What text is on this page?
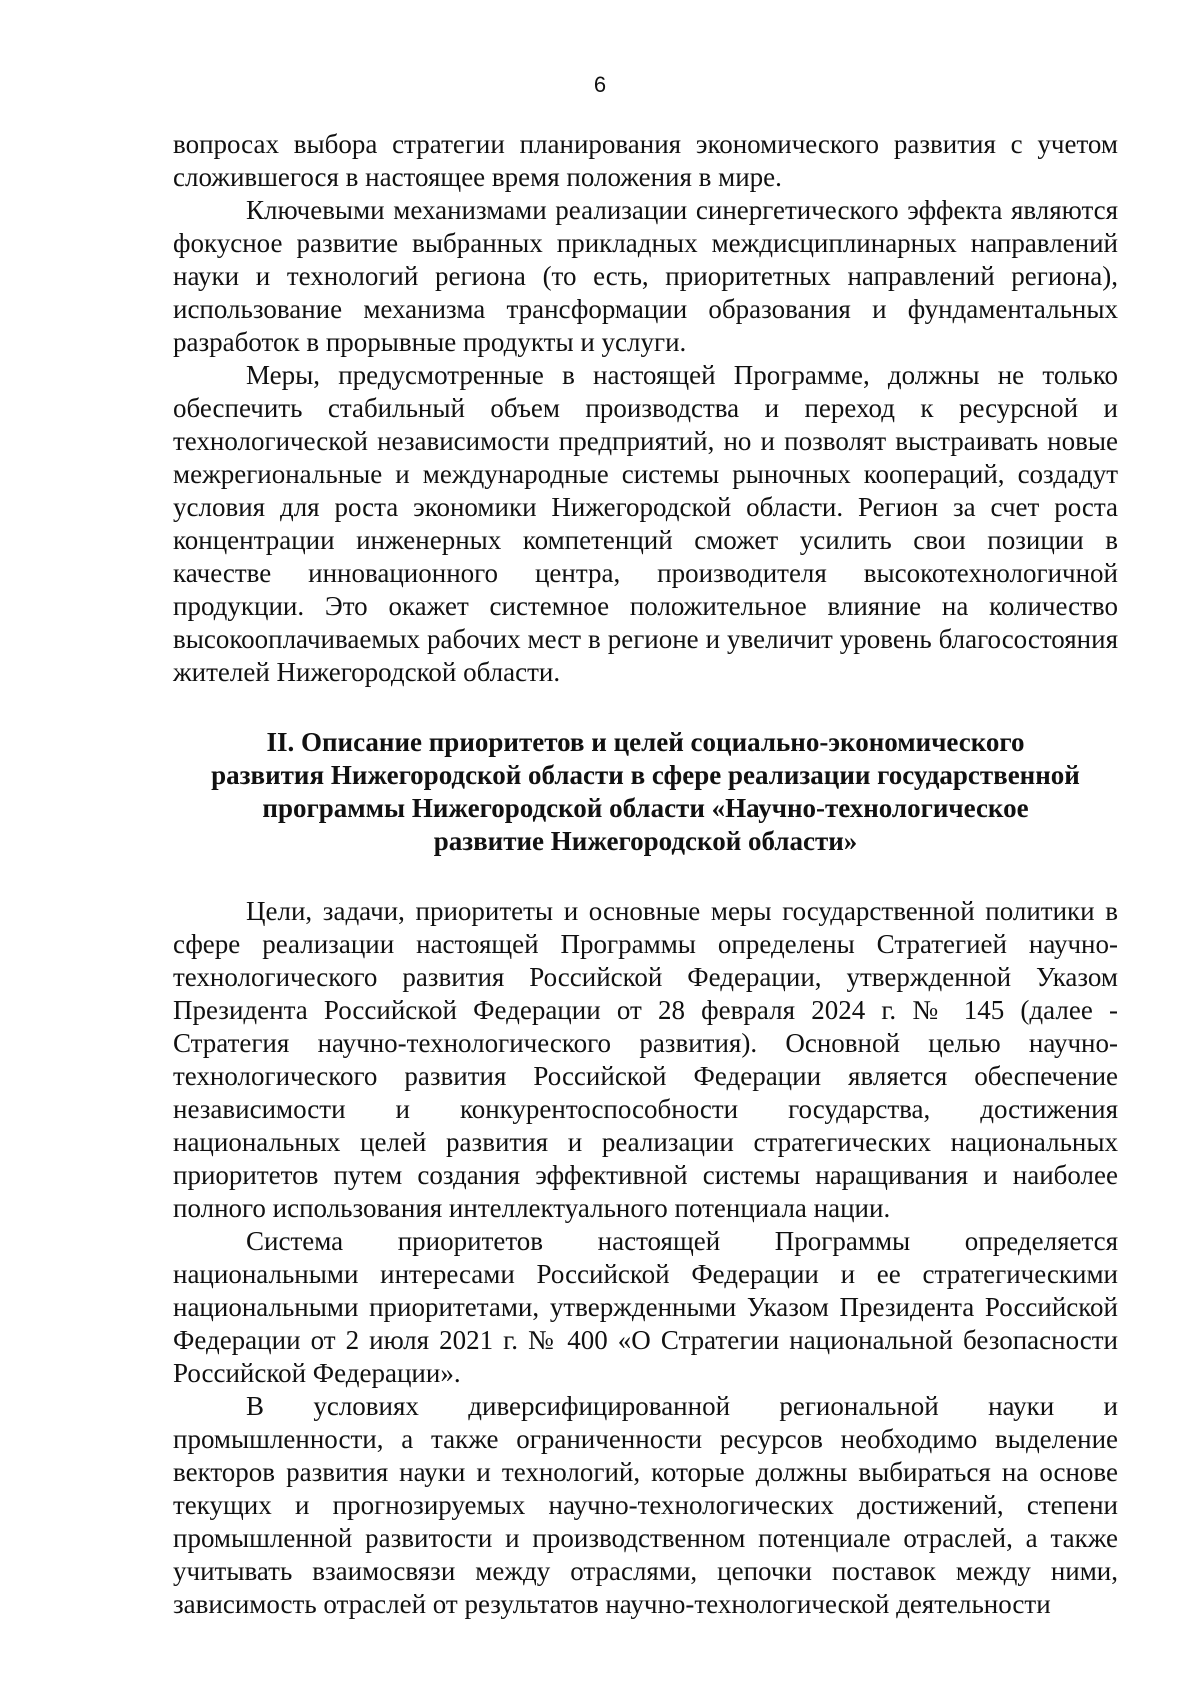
6

вопросах выбора стратегии планирования экономического развития с учетом сложившегося в настоящее время положения в мире.

Ключевыми механизмами реализации синергетического эффекта являются фокусное развитие выбранных прикладных междисциплинарных направлений науки и технологий региона (то есть, приоритетных направлений региона), использование механизма трансформации образования и фундаментальных разработок в прорывные продукты и услуги.

Меры, предусмотренные в настоящей Программе, должны не только обеспечить стабильный объем производства и переход к ресурсной и технологической независимости предприятий, но и позволят выстраивать новые межрегиональные и международные системы рыночных коопераций, создадут условия для роста экономики Нижегородской области. Регион за счет роста концентрации инженерных компетенций сможет усилить свои позиции в качестве инновационного центра, производителя высокотехнологичной продукции. Это окажет системное положительное влияние на количество высокооплачиваемых рабочих мест в регионе и увеличит уровень благосостояния жителей Нижегородской области.

II. Описание приоритетов и целей социально-экономического
развития Нижегородской области в сфере реализации государственной
программы Нижегородской области «Научно-технологическое
развитие Нижегородской области»

Цели, задачи, приоритеты и основные меры государственной политики в сфере реализации настоящей Программы определены Стратегией научно-технологического развития Российской Федерации, утвержденной Указом Президента Российской Федерации от 28 февраля 2024 г. № 145 (далее - Стратегия научно-технологического развития). Основной целью научно-технологического развития Российской Федерации является обеспечение независимости и конкурентоспособности государства, достижения национальных целей развития и реализации стратегических национальных приоритетов путем создания эффективной системы наращивания и наиболее полного использования интеллектуального потенциала нации.

Система приоритетов настоящей Программы определяется национальными интересами Российской Федерации и ее стратегическими национальными приоритетами, утвержденными Указом Президента Российской Федерации от 2 июля 2021 г. № 400 «О Стратегии национальной безопасности Российской Федерации».

В условиях диверсифицированной региональной науки и промышленности, а также ограниченности ресурсов необходимо выделение векторов развития науки и технологий, которые должны выбираться на основе текущих и прогнозируемых научно-технологических достижений, степени промышленной развитости и производственном потенциале отраслей, а также учитывать взаимосвязи между отраслями, цепочки поставок между ними, зависимость отраслей от результатов научно-технологической деятельности
